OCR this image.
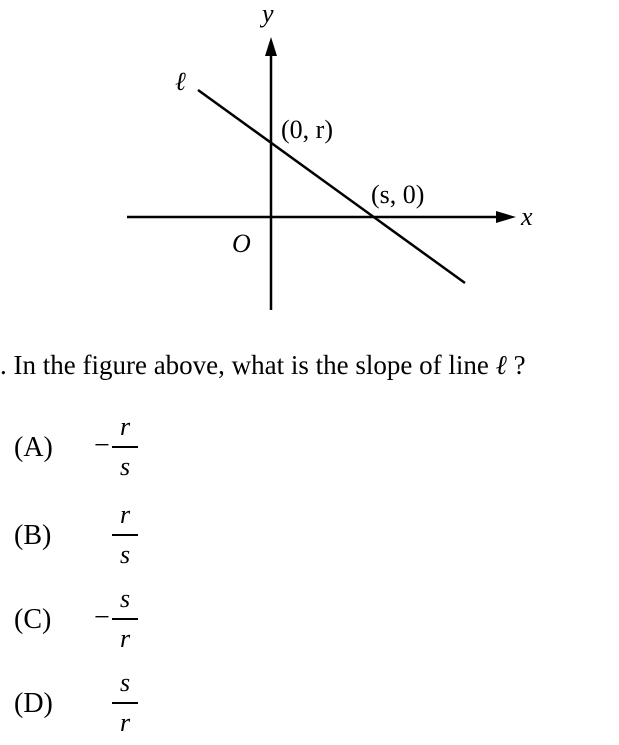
y
x
O
ℓ
(0, r)
(s, 0)
. In the figure above, what is the slope of line ℓ ?
(A) −
r
s
(B)
r
s
(C) −
s
r
(D)
s
r
